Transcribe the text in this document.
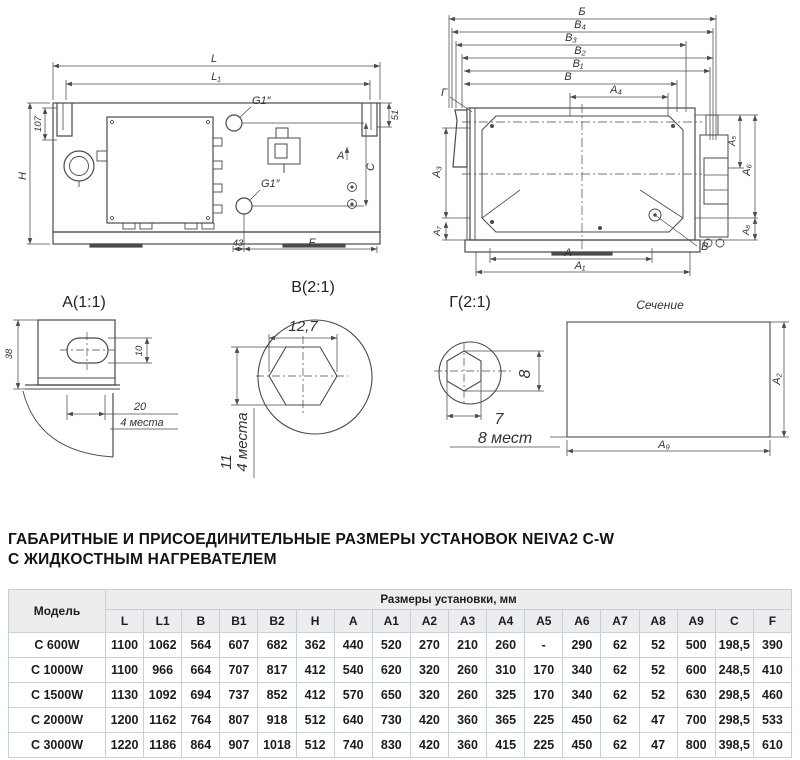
L
L₁
G1″
G1″
107
H
51
A
C
43	F
Б
B₄
B₃
B₂
B₁
B
A₄
Г
A₃
A₇
A
A₁
A₅
A₆
A₈
B
А(1:1)
38	10
20
4 места
В(2:1)
12,7
11 4 места
Г(2:1)
8
7
8 мест
Сечение
A₂
A₉
ГАБАРИТНЫЕ И ПРИСОЕДИНИТЕЛЬНЫЕ РАЗМЕРЫ УСТАНОВОК NEIVA2 C-W
С ЖИДКОСТНЫМ НАГРЕВАТЕЛЕМ
Модель	Размеры установки, мм																	
	L	L1	B	B1	B2	H	A	A1	A2	A3	A4	A5	A6	A7	A8	A9	C	F
С 600W	1100	1062	564	607	682	362	440	520	270	210	260	-	290	62	52	500	198,5	390
С 1000W	1100	966	664	707	817	412	540	620	320	260	310	170	340	62	52	600	248,5	410
С 1500W	1130	1092	694	737	852	412	570	650	320	260	325	170	340	62	52	630	298,5	460
С 2000W	1200	1162	764	807	918	512	640	730	420	360	365	225	450	62	47	700	298,5	533
С 3000W	1220	1186	864	907	1018	512	740	830	420	360	415	225	450	62	47	800	398,5	610
